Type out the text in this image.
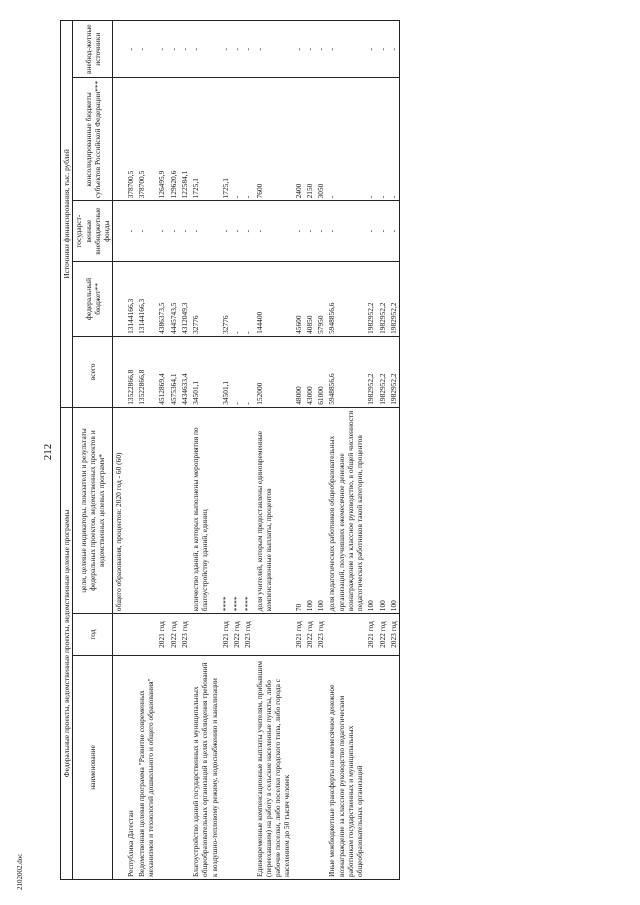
212
2102002.doc
Федеральные проекты, ведомственные проекты, ведомственные целевые программы			Источники финансирования, тыс. рублей				
наименование	год	цели, целевые индикаторы, показатели и результаты федеральных проектов, ведомственных проектов и ведомственных целевых программ*	всего	федеральный бюджет**	государст-венные внебюджетные фонды	консолидированные бюджеты субъектов Российской Федерации***	внебюд-жетные источники
		общего образования, процентов: 2020 год - 60 (60)					
Республика Дагестан			13522866,8	13144166,3	-	378700,5	-
Ведомственная целевая программа "Развитие современных механизмов и технологий дошкольного и общего образования"			13522866,8	13144166,3	-	378700,5	-
	2021 год		4512869,4	4386373,5	-	126495,9	-
	2022 год		4575364,1	4445743,5	-	129620,6	-
	2023 год		4434633,4	4312049,3	-	122584,1	-
Благоустройство зданий государственных и муниципальных общеобразовательных организаций в целях соблюдения требований к воздушно-тепловому режиму, водоснабжению и канализации		количество зданий, в которых выполнены мероприятия по благоустройству зданий, единиц	34501,1	32776	-	1725,1	-
	2021 год	****	34501,1	32776	-	1725,1	-
	2022 год	****	-	-	-	-	-
	2023 год	****	-	-	-	-	-
Единовременные компенсационные выплаты учителям, прибывшим (переехавшим) на работу в сельские населенные пункты, либо рабочие поселки, либо поселки городского типа, либо города с населением до 50 тысяч человек		доля учителей, которым предоставлены единовременные компенсационные выплаты, процентов	152000	144400	-	7600	-
	2021 год	70	48000	45600	-	2400	-
	2022 год	100	43000	40850	-	2150	-
	2023 год	100	61000	57950	-	3050	-
Иные межбюджетные трансферты на ежемесячное денежное вознаграждение за классное руководство педагогическим работникам государственных и муниципальных общеобразовательных организаций		доля педагогических работников общеобразовательных организаций, получивших ежемесячное денежное вознаграждение за классное руководство, в общей численности педагогических работников такой категории, процентов	5948856,6	5948856,6	-	-	-
	2021 год	100	1982952,2	1982952,2	-	-	-
	2022 год	100	1982952,2	1982952,2	-	-	-
	2023 год	100	1982952,2	1982952,2	-	-	-
